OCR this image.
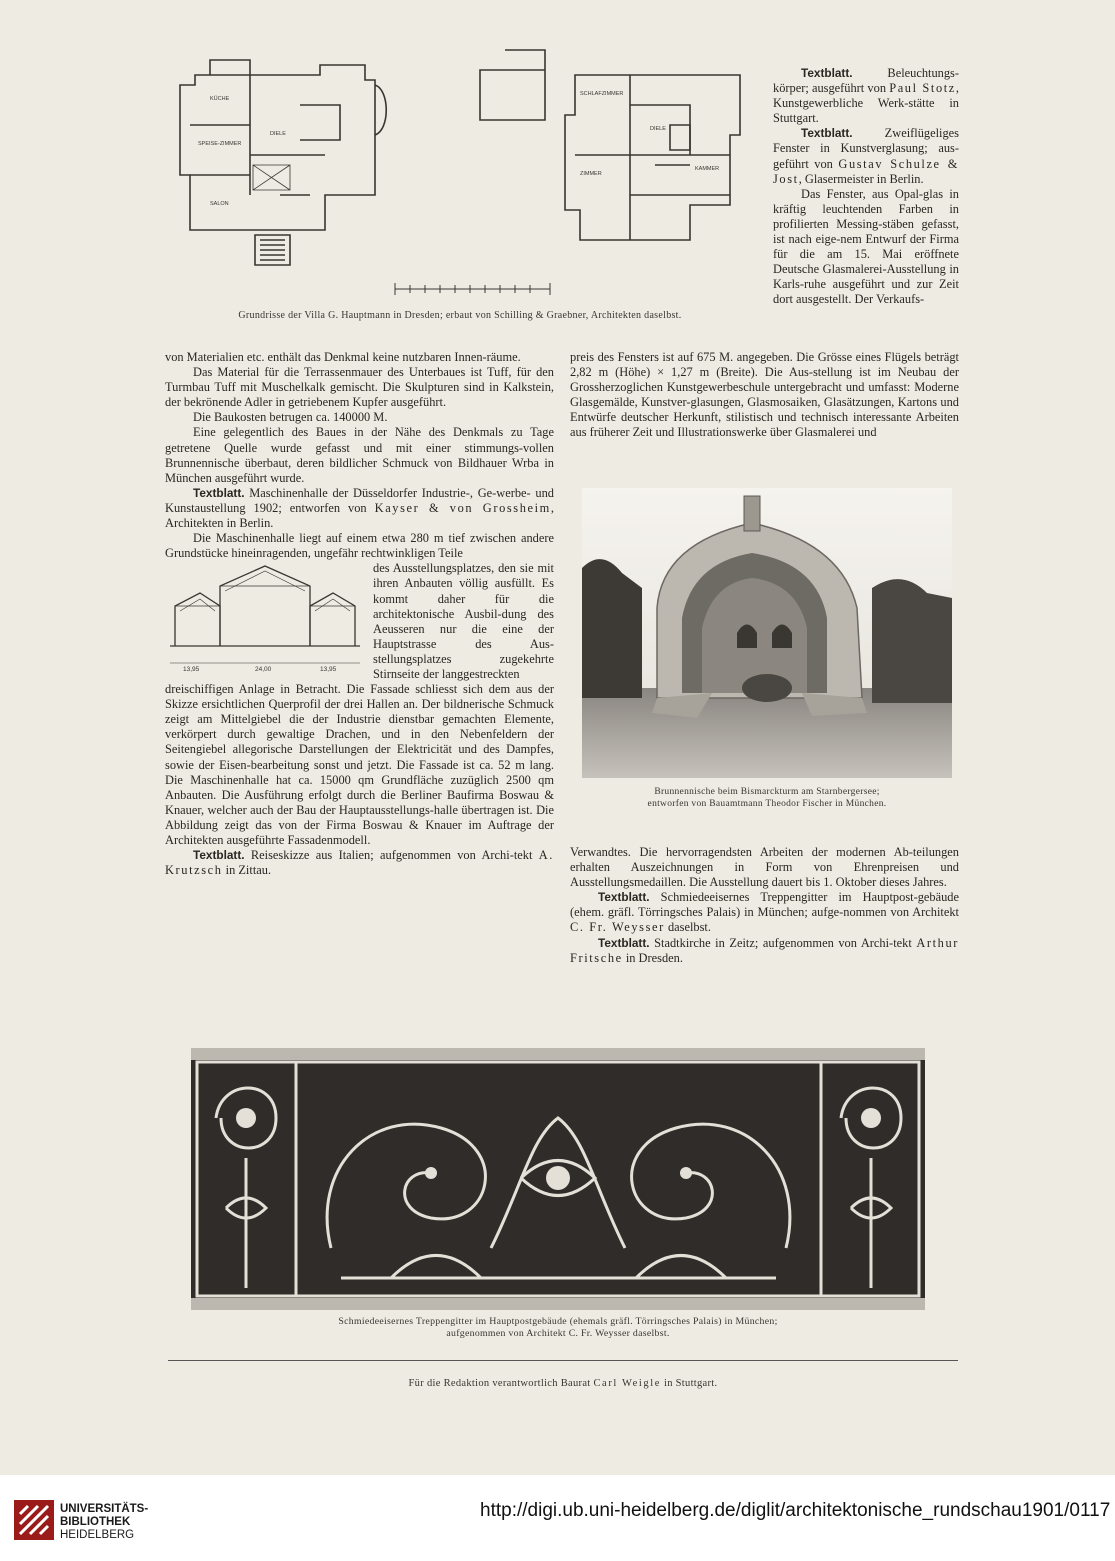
KÜCHE
SPEISE-ZIMMER
DIELE
SALON
SCHLAFZIMMER
DIELE
ZIMMER
KAMMER
Grundrisse der Villa G. Hauptmann in Dresden; erbaut von Schilling & Graebner, Architekten daselbst.

Textblatt. Beleuchtungs-körper; ausgeführt von Paul Stotz, Kunstgewerbliche Werk-stätte in Stuttgart.

Textblatt. Zweiflügeliges Fenster in Kunstverglasung; aus-geführt von Gustav Schulze & Jost, Glasermeister in Berlin.

Das Fenster, aus Opal-glas in kräftig leuchtenden Farben in profilierten Messing-stäben gefasst, ist nach eige-nem Entwurf der Firma für die am 15. Mai eröffnete Deutsche Glasmalerei-Ausstellung in Karls-ruhe ausgeführt und zur Zeit dort ausgestellt. Der Verkaufs-

von Materialien etc. enthält das Denkmal keine nutzbaren Innen-räume.

Das Material für die Terrassenmauer des Unterbaues ist Tuff, für den Turmbau Tuff mit Muschelkalk gemischt. Die Skulpturen sind in Kalkstein, der bekrönende Adler in getriebenem Kupfer ausgeführt.

Die Baukosten betrugen ca. 140000 M.

Eine gelegentlich des Baues in der Nähe des Denkmals zu Tage getretene Quelle wurde gefasst und mit einer stimmungs-vollen Brunnennische überbaut, deren bildlicher Schmuck von Bildhauer Wrba in München ausgeführt wurde.

Textblatt. Maschinenhalle der Düsseldorfer Industrie-, Ge-werbe- und Kunstaustellung 1902; entworfen von Kayser & von Grossheim, Architekten in Berlin.

Die Maschinenhalle liegt auf einem etwa 280 m tief zwischen andere Grundstücke hineinragenden, ungefähr rechtwinkligen Teile

13,95	24,00	13,95

des Ausstellungsplatzes, den sie mit ihren Anbauten völlig ausfüllt. Es kommt daher für die architektonische Ausbil-dung des Aeusseren nur die eine der Hauptstrasse des Aus-stellungsplatzes zugekehrte Stirnseite der langgestreckten

dreischiffigen Anlage in Betracht. Die Fassade schliesst sich dem aus der Skizze ersichtlichen Querprofil der drei Hallen an. Der bildnerische Schmuck zeigt am Mittelgiebel die der Industrie dienstbar gemachten Elemente, verkörpert durch gewaltige Drachen, und in den Nebenfeldern der Seitengiebel allegorische Darstellungen der Elektricität und des Dampfes, sowie der Eisen-bearbeitung sonst und jetzt. Die Fassade ist ca. 52 m lang. Die Maschinenhalle hat ca. 15000 qm Grundfläche zuzüglich 2500 qm Anbauten. Die Ausführung erfolgt durch die Berliner Baufirma Boswau & Knauer, welcher auch der Bau der Hauptausstellungs-halle übertragen ist. Die Abbildung zeigt das von der Firma Boswau & Knauer im Auftrage der Architekten ausgeführte Fassadenmodell.

Textblatt. Reiseskizze aus Italien; aufgenommen von Archi-tekt A. Krutzsch in Zittau.

preis des Fensters ist auf 675 M. angegeben. Die Grösse eines Flügels beträgt 2,82 m (Höhe) × 1,27 m (Breite). Die Aus-stellung ist im Neubau der Grossherzoglichen Kunstgewerbeschule untergebracht und umfasst: Moderne Glasgemälde, Kunstver-glasungen, Glasmosaiken, Glasätzungen, Kartons und Entwürfe deutscher Herkunft, stilistisch und technisch interessante Arbeiten aus früherer Zeit und Illustrationswerke über Glasmalerei und

Brunnennische beim Bismarckturm am Starnbergersee;
entworfen von Bauamtmann Theodor Fischer in München.

Verwandtes. Die hervorragendsten Arbeiten der modernen Ab-teilungen erhalten Auszeichnungen in Form von Ehrenpreisen und Ausstellungsmedaillen. Die Ausstellung dauert bis 1. Oktober dieses Jahres.

Textblatt. Schmiedeeisernes Treppengitter im Hauptpost-gebäude (ehem. gräfl. Törringsches Palais) in München; aufge-nommen von Architekt C. Fr. Weysser daselbst.

Textblatt. Stadtkirche in Zeitz; aufgenommen von Archi-tekt Arthur Fritsche in Dresden.

Schmiedeeisernes Treppengitter im Hauptpostgebäude (ehemals gräfl. Törringsches Palais) in München;
aufgenommen von Architekt C. Fr. Weysser daselbst.
Für die Redaktion verantwortlich Baurat Carl Weigle in Stuttgart.
UNIVERSITÄTS-
BIBLIOTHEK
HEIDELBERG
http://digi.ub.uni-heidelberg.de/diglit/architektonische_rundschau1901/0117
